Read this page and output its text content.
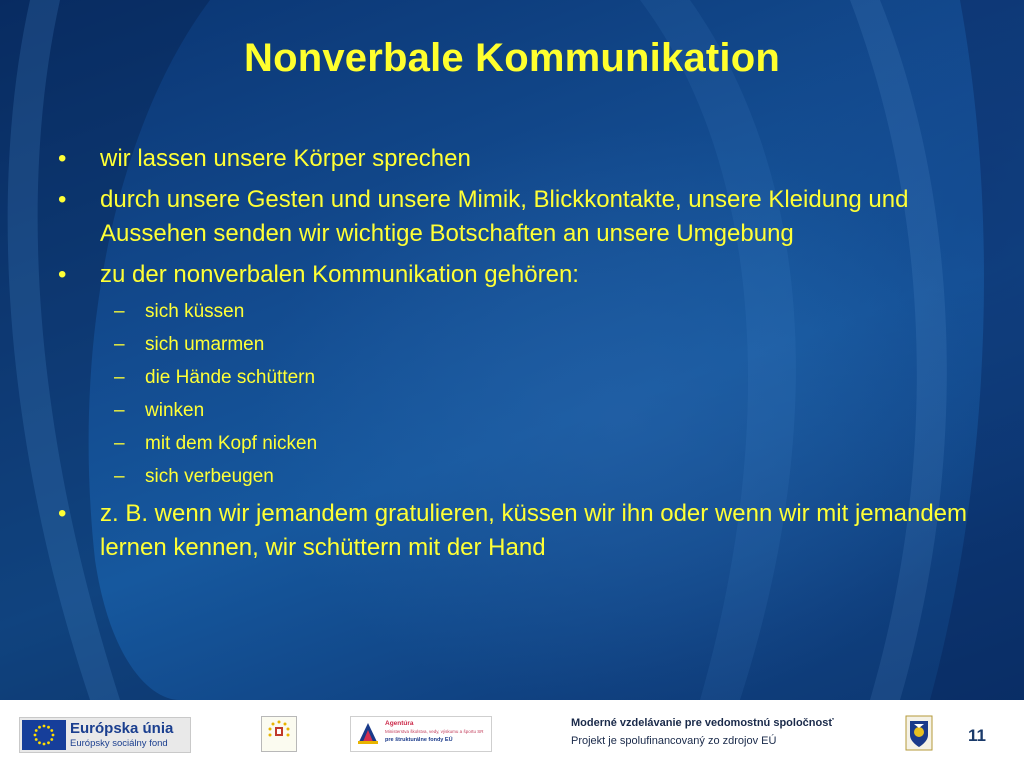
Nonverbale Kommunikation
• wir lassen unsere Körper sprechen
• durch unsere Gesten und unsere Mimik, Blickkontakte, unsere Kleidung und Aussehen senden wir wichtige Botschaften an unsere Umgebung
• zu der nonverbalen Kommunikation gehören:
– sich küssen
– sich umarmen
– die Hände schüttern
– winken
– mit dem Kopf nicken
– sich verbeugen
• z. B. wenn wir jemandem gratulieren, küssen wir ihn oder wenn wir mit jemandem lernen kennen, wir schüttern mit der Hand
Európska únia
Európsky sociálny fond
Agentúra
Ministerstva školstva, vedy, výskumu a športu SR
pre štrukturálne fondy EÚ
Moderné vzdelávanie pre vedomostnú spoločnosť
Projekt je spolufinancovaný zo zdrojov EÚ	11
